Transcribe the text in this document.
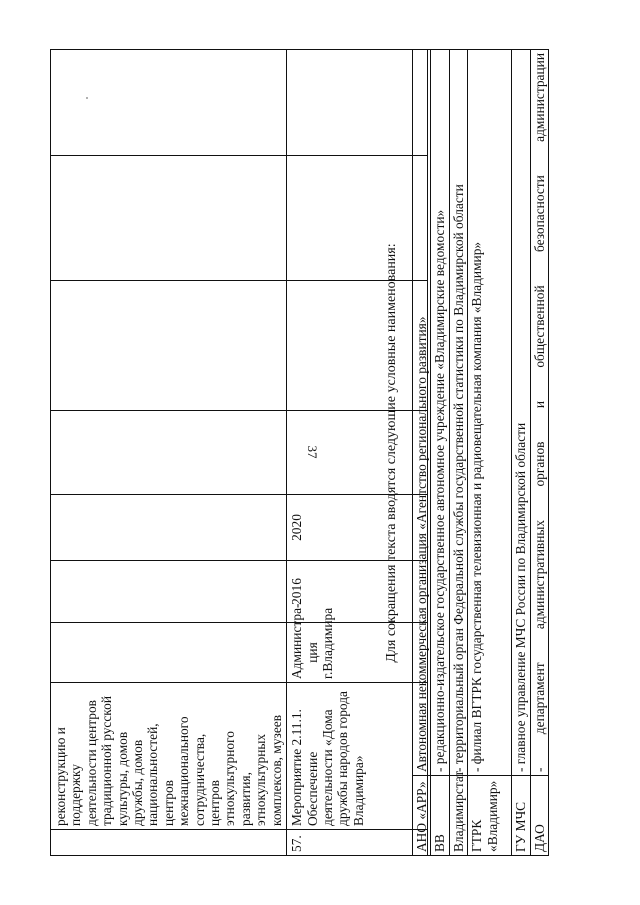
37
	реконструкцию и поддержку деятельности центров традиционной русской культуры, домов дружбы, домов национальностей, центров межнационального сотрудничества, центров этнокультурного развития, этнокультурных комплексов, музеев							
57.	Мероприятие 2.11.1. Обеспечение деятельности «Дома дружбы народов города Владимира»	Администра-ция г.Владимира	2016	2020					Для сокращения текста вводятся следующие условные наименования:
АНО «АРР»	Автономная некоммерческая организация «Агентство регионального развития»
ВВ	- редакционно-издательское государственное автономное учреждение «Владимирские ведомости»
Владимирстат	- территориальный орган Федеральной службы государственной статистики по Владимирской области
ГТРК «Владимир»	- филиал ВГТРК государственная телевизионная и радиовещательная компания «Владимир»
ГУ МЧС	- главное управление МЧС России по Владимирской области
ДАО	- департамент административных органов и общественной безопасности администрации
